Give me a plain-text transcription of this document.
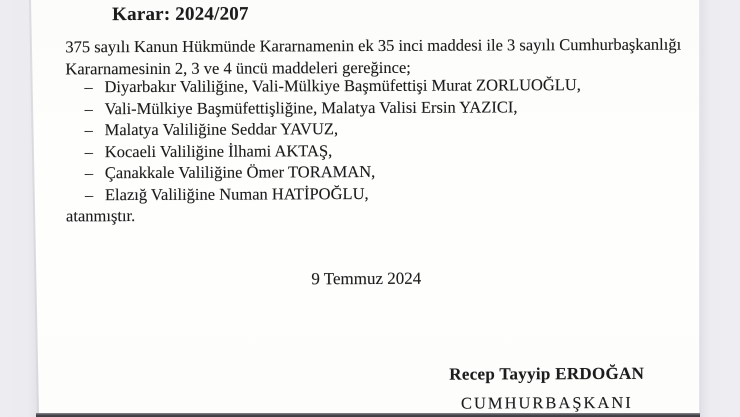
Karar: 2024/207
375 sayılı Kanun Hükmünde Kararnamenin ek 35 inci maddesi ile 3 sayılı Cumhurbaşkanlığı
Kararnamesinin 2, 3 ve 4 üncü maddeleri gereğince;
– Diyarbakır Valiliğine, Vali-Mülkiye Başmüfettişi Murat ZORLUOĞLU,
– Vali-Mülkiye Başmüfettişliğine, Malatya Valisi Ersin YAZICI,
– Malatya Valiliğine Seddar YAVUZ,
– Kocaeli Valiliğine İlhami AKTAŞ,
– Çanakkale Valiliğine Ömer TORAMAN,
– Elazığ Valiliğine Numan HATİPOĞLU,
atanmıştır.
9 Temmuz 2024
Recep Tayyip ERDOĞAN
CUMHURBAŞKANI
